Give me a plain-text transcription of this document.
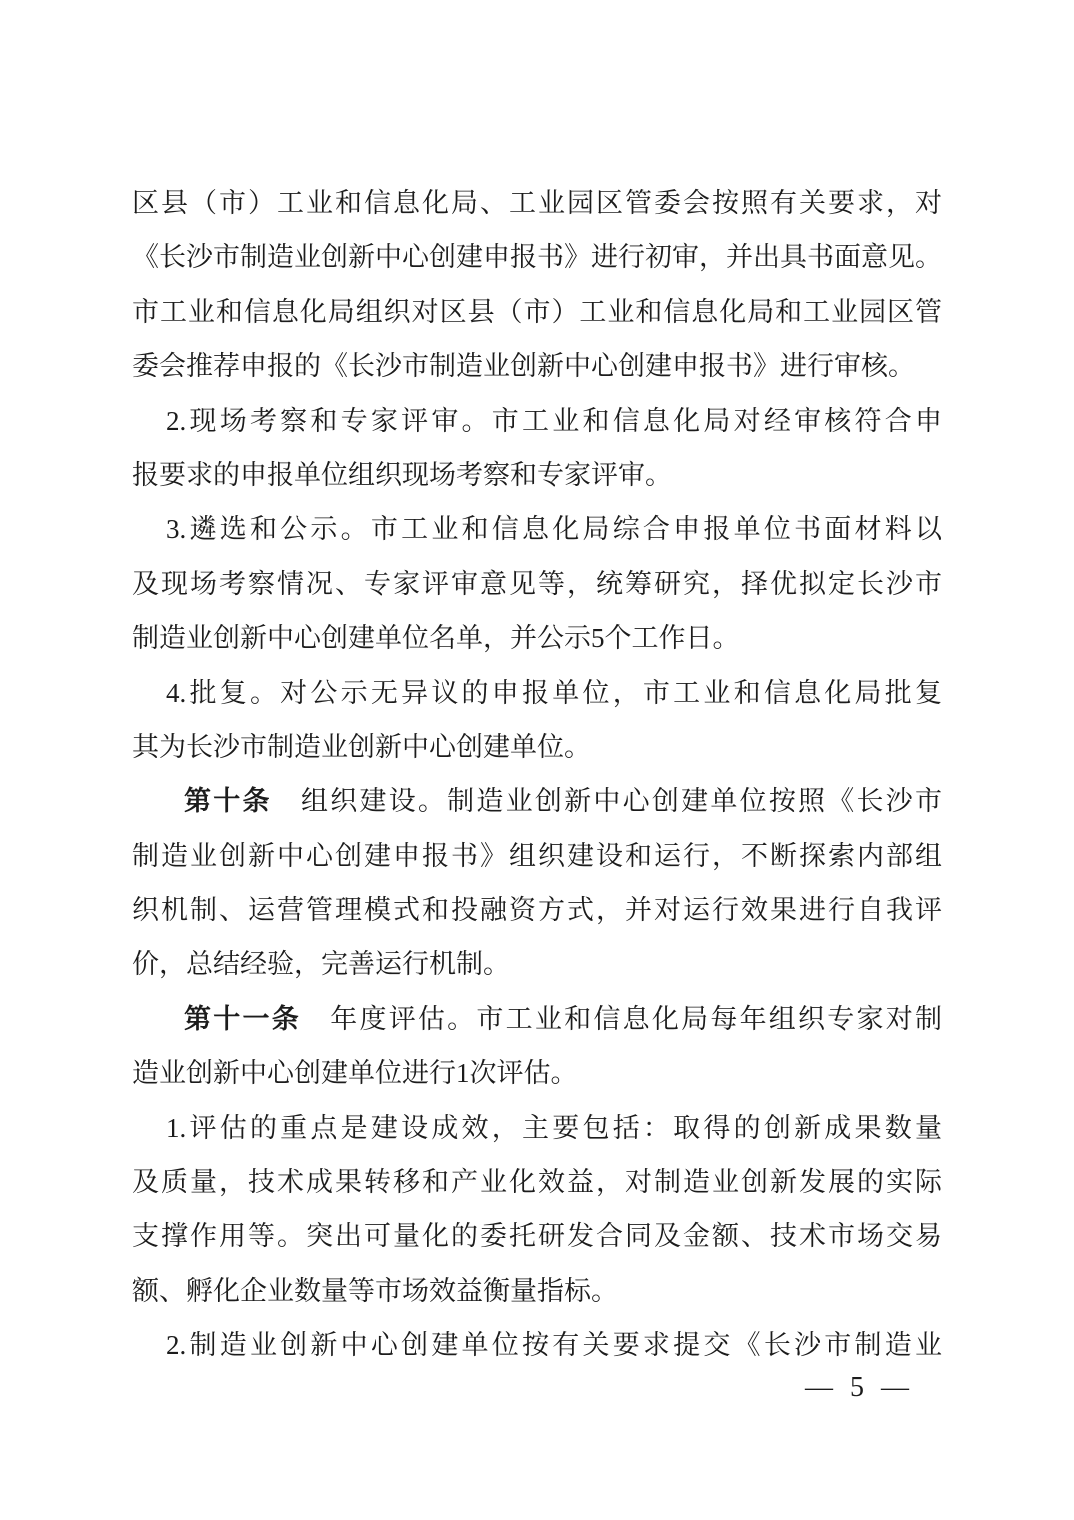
区县（市）工业和信息化局、工业园区管委会按照有关要求，对
《长沙市制造业创新中心创建申报书》进行初审，并出具书面意见。
市工业和信息化局组织对区县（市）工业和信息化局和工业园区管
委会推荐申报的《长沙市制造业创新中心创建申报书》进行审核。
2.现场考察和专家评审。市工业和信息化局对经审核符合申
报要求的申报单位组织现场考察和专家评审。
3.遴选和公示。市工业和信息化局综合申报单位书面材料以
及现场考察情况、专家评审意见等，统筹研究，择优拟定长沙市
制造业创新中心创建单位名单，并公示5个工作日。
4.批复。对公示无异议的申报单位，市工业和信息化局批复
其为长沙市制造业创新中心创建单位。
第十条　组织建设。制造业创新中心创建单位按照《长沙市
制造业创新中心创建申报书》组织建设和运行，不断探索内部组
织机制、运营管理模式和投融资方式，并对运行效果进行自我评
价，总结经验，完善运行机制。
第十一条　年度评估。市工业和信息化局每年组织专家对制
造业创新中心创建单位进行1次评估。
1.评估的重点是建设成效，主要包括：取得的创新成果数量
及质量，技术成果转移和产业化效益，对制造业创新发展的实际
支撑作用等。突出可量化的委托研发合同及金额、技术市场交易
额、孵化企业数量等市场效益衡量指标。
2.制造业创新中心创建单位按有关要求提交《长沙市制造业
— 5 —
